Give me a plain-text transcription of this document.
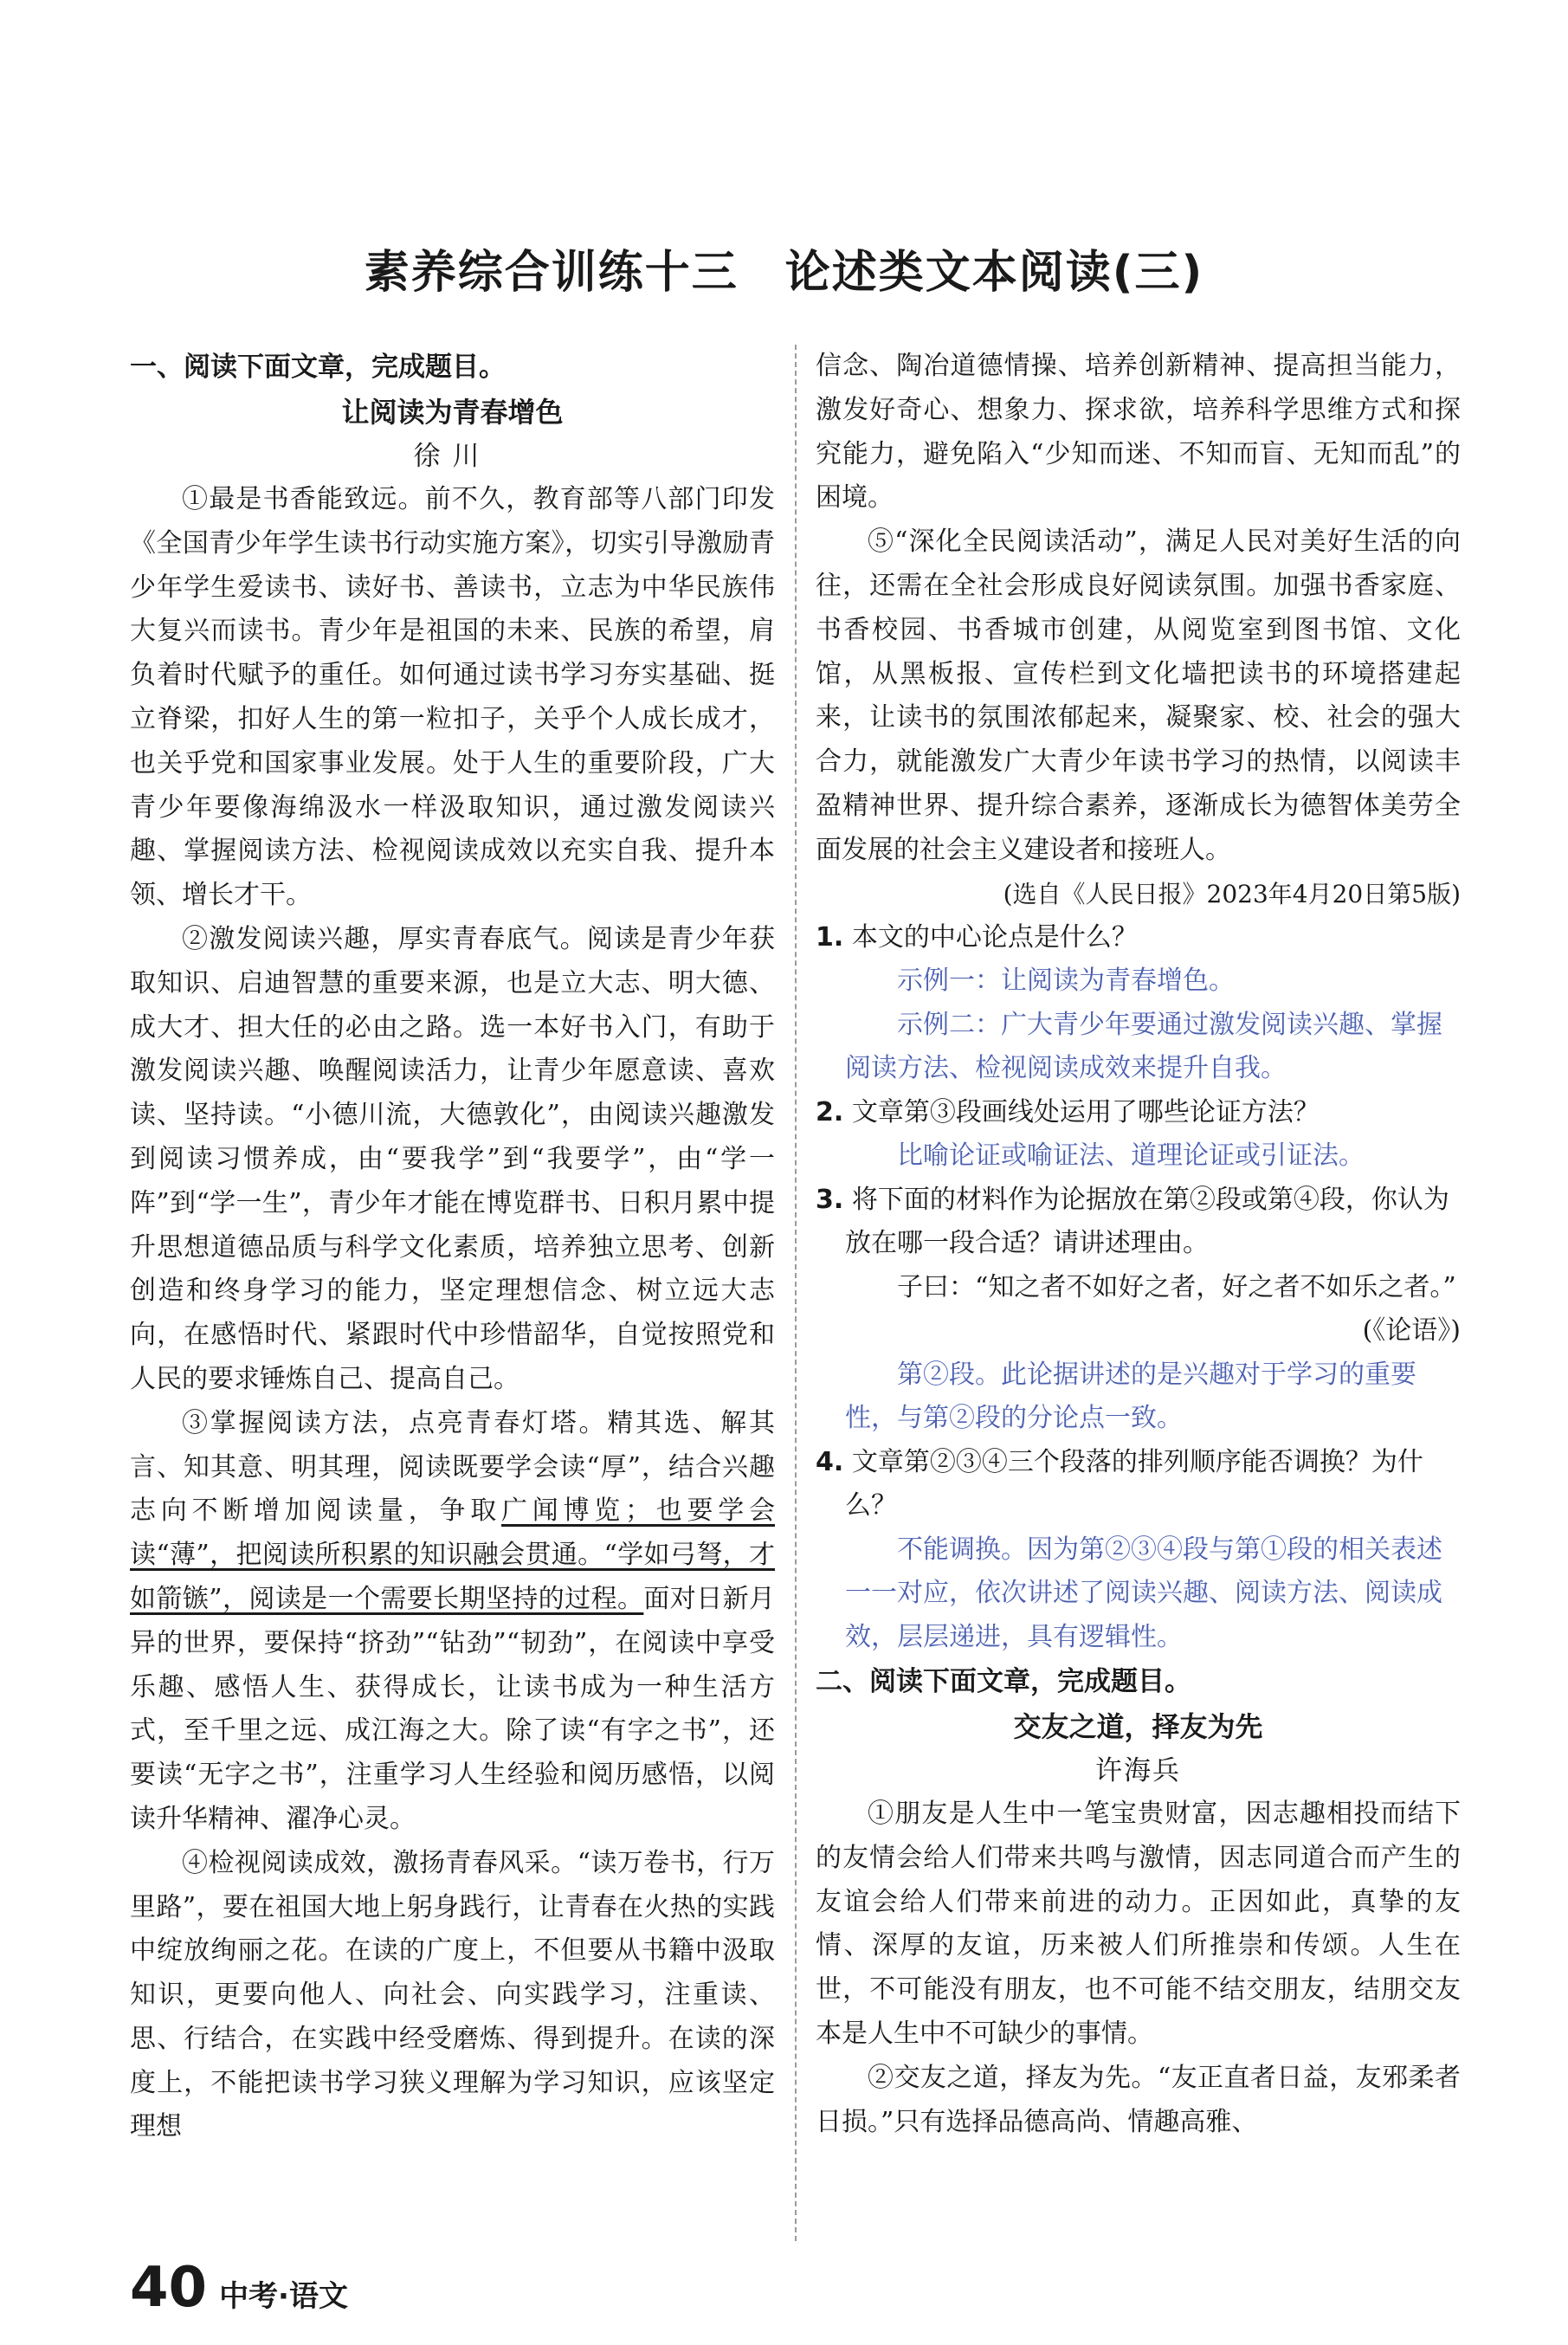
素养综合训练十三　论述类文本阅读(三)
一、阅读下面文章，完成题目。
让阅读为青春增色

徐川

①最是书香能致远。前不久，教育部等八部门印发《全国青少年学生读书行动实施方案》，切实引导激励青少年学生爱读书、读好书、善读书，立志为中华民族伟大复兴而读书。青少年是祖国的未来、民族的希望，肩负着时代赋予的重任。如何通过读书学习夯实基础、挺立脊梁，扣好人生的第一粒扣子，关乎个人成长成才，也关乎党和国家事业发展。处于人生的重要阶段，广大青少年要像海绵汲水一样汲取知识，通过激发阅读兴趣、掌握阅读方法、检视阅读成效以充实自我、提升本领、增长才干。

②激发阅读兴趣，厚实青春底气。阅读是青少年获取知识、启迪智慧的重要来源，也是立大志、明大德、成大才、担大任的必由之路。选一本好书入门，有助于激发阅读兴趣、唤醒阅读活力，让青少年愿意读、喜欢读、坚持读。“小德川流，大德敦化”，由阅读兴趣激发到阅读习惯养成，由“要我学”到“我要学”，由“学一阵”到“学一生”，青少年才能在博览群书、日积月累中提升思想道德品质与科学文化素质，培养独立思考、创新创造和终身学习的能力，坚定理想信念、树立远大志向，在感悟时代、紧跟时代中珍惜韶华，自觉按照党和人民的要求锤炼自己、提高自己。

③掌握阅读方法，点亮青春灯塔。精其选、解其言、知其意、明其理，阅读既要学会读“厚”，结合兴趣志向不断增加阅读量，争取广闻博览；也要学会读“薄”，把阅读所积累的知识融会贯通。“学如弓弩，才如箭镞”，阅读是一个需要长期坚持的过程。面对日新月异的世界，要保持“挤劲”“钻劲”“韧劲”，在阅读中享受乐趣、感悟人生、获得成长，让读书成为一种生活方式，至千里之远、成江海之大。除了读“有字之书”，还要读“无字之书”，注重学习人生经验和阅历感悟，以阅读升华精神、濯净心灵。

④检视阅读成效，激扬青春风采。“读万卷书，行万里路”，要在祖国大地上躬身践行，让青春在火热的实践中绽放绚丽之花。在读的广度上，不但要从书籍中汲取知识，更要向他人、向社会、向实践学习，注重读、思、行结合，在实践中经受磨炼、得到提升。在读的深度上，不能把读书学习狭义理解为学习知识，应该坚定理想

信念、陶冶道德情操、培养创新精神、提高担当能力，激发好奇心、想象力、探求欲，培养科学思维方式和探究能力，避免陷入“少知而迷、不知而盲、无知而乱”的困境。

⑤“深化全民阅读活动”，满足人民对美好生活的向往，还需在全社会形成良好阅读氛围。加强书香家庭、书香校园、书香城市创建，从阅览室到图书馆、文化馆，从黑板报、宣传栏到文化墙把读书的环境搭建起来，让读书的氛围浓郁起来，凝聚家、校、社会的强大合力，就能激发广大青少年读书学习的热情，以阅读丰盈精神世界、提升综合素养，逐渐成长为德智体美劳全面发展的社会主义建设者和接班人。

(选自《人民日报》2023年4月20日第5版)

1. 本文的中心论点是什么？

示例一：让阅读为青春增色。

示例二：广大青少年要通过激发阅读兴趣、掌握阅读方法、检视阅读成效来提升自我。

2. 文章第③段画线处运用了哪些论证方法？

比喻论证或喻证法、道理论证或引证法。

3. 将下面的材料作为论据放在第②段或第④段，你认为放在哪一段合适？请讲述理由。

子曰：“知之者不如好之者，好之者不如乐之者。”

(《论语》)

第②段。此论据讲述的是兴趣对于学习的重要性，与第②段的分论点一致。

4. 文章第②③④三个段落的排列顺序能否调换？为什么？

不能调换。因为第②③④段与第①段的相关表述一一对应，依次讲述了阅读兴趣、阅读方法、阅读成效，层层递进，具有逻辑性。

二、阅读下面文章，完成题目。
交友之道，择友为先

许海兵

①朋友是人生中一笔宝贵财富，因志趣相投而结下的友情会给人们带来共鸣与激情，因志同道合而产生的友谊会给人们带来前进的动力。正因如此，真挚的友情、深厚的友谊，历来被人们所推崇和传颂。人生在世，不可能没有朋友，也不可能不结交朋友，结朋交友本是人生中不可缺少的事情。

②交友之道，择友为先。“友正直者日益，友邪柔者日损。”只有选择品德高尚、情趣高雅、

40 中考·语文
